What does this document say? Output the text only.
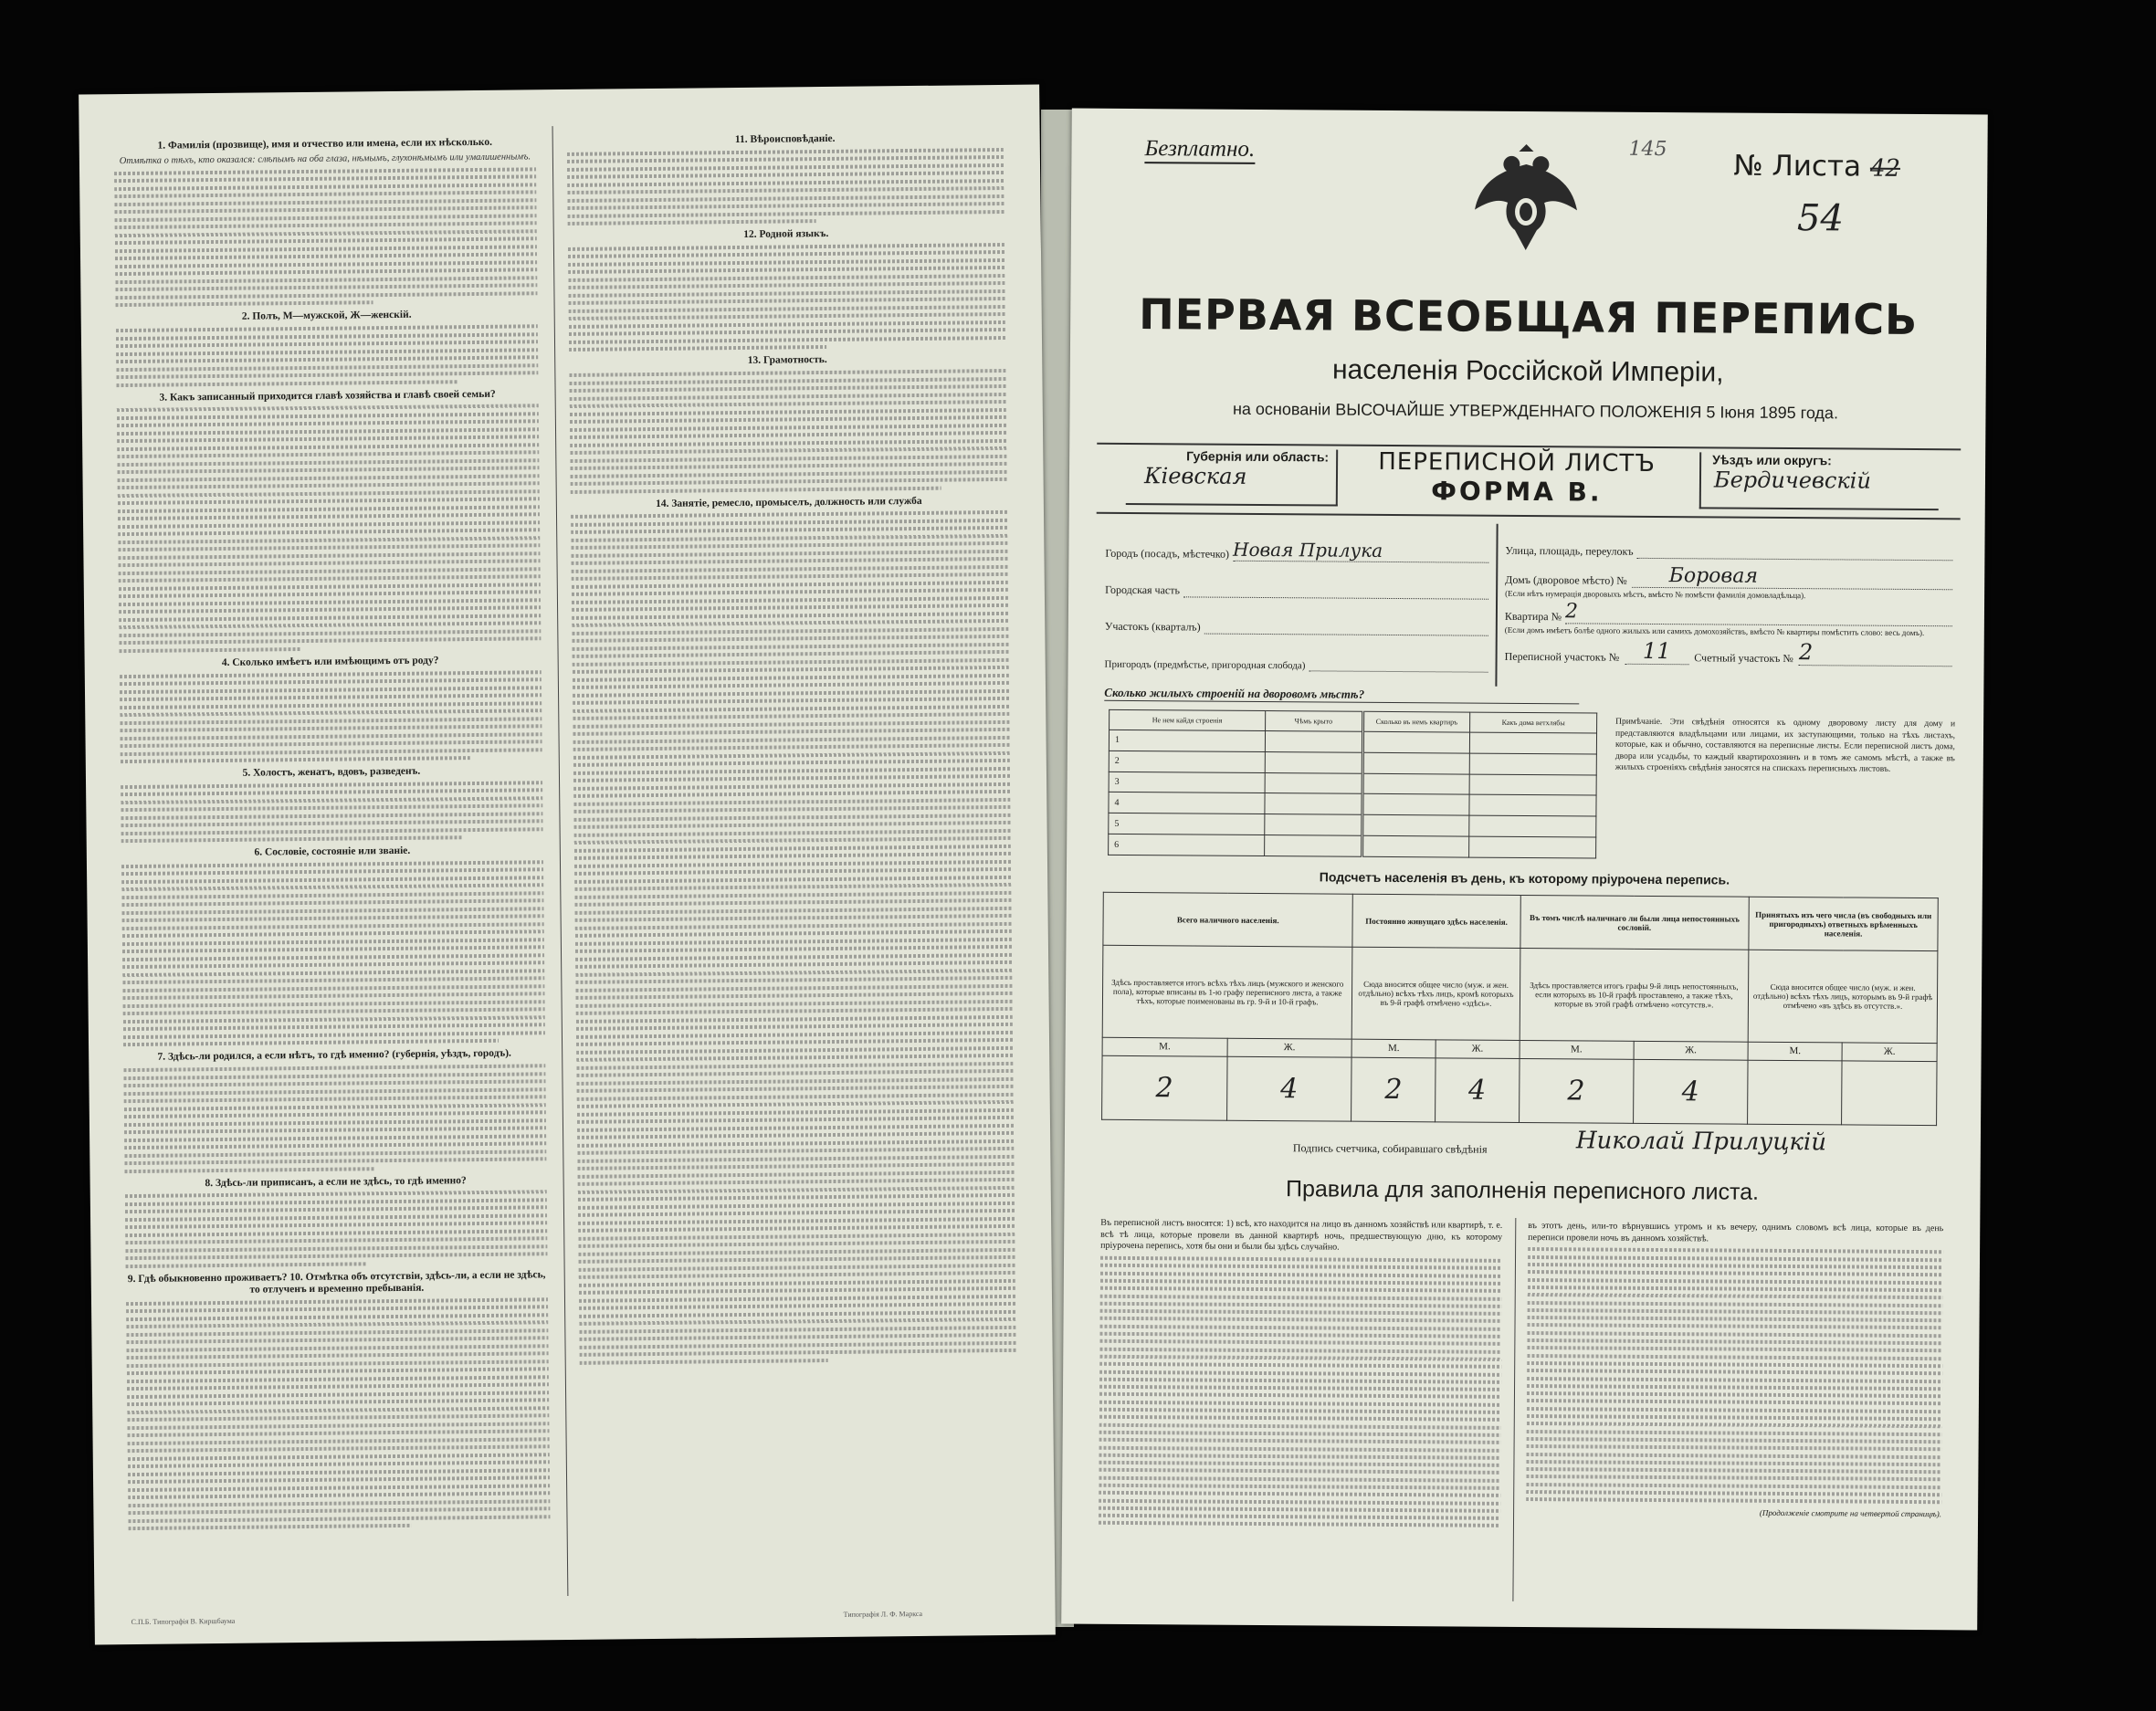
1. Фамилія (прозвище), имя и отчество или имена, если их нѣсколько.
Отмѣтка о тѣхъ, кто оказался: слѣпымъ на оба глаза, нѣмымъ, глухонѣмымъ или умалишеннымъ.
2. Полъ, М—мужской, Ж—женскій.
3. Какъ записанный приходится главѣ хозяйства и главѣ своей семьи?
4. Сколько имѣетъ или имѣющимъ отъ роду?
5. Холостъ, женатъ, вдовъ, разведенъ.
6. Сословіе, состояніе или званіе.
7. Здѣсь-ли родился, а если нѣтъ, то гдѣ именно? (губернія, уѣздъ, городъ).
8. Здѣсь-ли приписанъ, а если не здѣсь, то гдѣ именно?
9. Гдѣ обыкновенно проживаетъ? 10. Отмѣтка объ отсутствіи, здѣсь-ли, а если не здѣсь, то отлученъ и временно пребыванія.
11. Вѣроисповѣданіе.
12. Родной языкъ.
13. Грамотность.
14. Занятіе, ремесло, промыселъ, должность или служба
С.П.Б. Типографія В. Киршбаума
Типографія Л. Ф. Маркса
Безплатно.	145
№ Листа 42
54
ПЕРВАЯ ВСЕОБЩАЯ ПЕРЕПИСЬ
населенія Россійской Имперіи,
на основаніи ВЫСОЧАЙШЕ УТВЕРЖДЕННАГО ПОЛОЖЕНІЯ 5 Іюня 1895 года.
Губернія или область:
Кіевская	ПЕРЕПИСНОЙ ЛИСТЪ
ФОРМА В.
Уѣздъ или округъ:
Бердичевскій
Городъ (посадъ, мѣстечко) Новая Прилука
Городская часть
Участокъ (кварталъ)
Пригородъ (предмѣстье, пригородная слобода)
Улица, площадь, переулокъ
Домъ (дворовое мѣсто) №	Боровая
(Если нѣтъ нумерація дворовыхъ мѣстъ, вмѣсто № помѣсти фамилія домовладѣльца).
Квартира № 2
(Если домъ имѣетъ болѣе одного жилыхъ или самихъ домохозяйствъ, вмѣсто № квартиры помѣстить слово: весь домъ).
Переписной участокъ №	11	Счетный участокъ № 2
Сколько жилыхъ строеній на дворовомъ мѣстѣ?
Не нем кайдя строенія	Чѣмъ крыто	Сколько въ немъ квартиръ	Какъ дома ветхлябы
1			
2			
3			
4			
5			
6			
Примѣчаніе. Эти свѣдѣнія относятся къ одному дворовому листу для дому и представляются владѣльцами или лицами, их заступающими, только на тѣхъ листахъ, которые, как и обычно, составляются на переписные листы. Если переписной листъ дома, двора или усадьбы, то каждый квартирохозяинъ и в томъ же самомъ мѣстѣ, а также въ жилыхъ строеніяхъ свѣдѣнія заносятся на спискахъ переписныхъ листовъ.
Подсчетъ населенія въ день, къ которому пріурочена перепись.
Всего наличного населенія.		Постоянно живущаго здѣсь населенія.		Въ томъ числѣ наличнаго ли были лица непостоянныхъ сословій.		Принятыхъ изъ чего числа (въ свободныхъ или пригородныхъ) ответныхъ врѣменныхъ населенія.	
Здѣсь проставляется итогъ всѣхъ тѣхъ лицъ (мужского и женского пола), которые вписаны въ 1-ю графу переписного листа, а также тѣхъ, которые поименованы въ гр. 9-й и 10-й графъ.		Сюда вносится общее число (муж. и жен. отдѣльно) всѣхъ тѣхъ лицъ, кромѣ которыхъ въ 9-й графѣ отмѣчено «здѣсь».		Здѣсь проставляется итогъ графы 9-й лицъ непостоянныхъ, если которыхъ въ 10-й графѣ проставлено, а также тѣхъ, которые въ этой графѣ отмѣчено «отсутств.».		Сюда вносится общее число (муж. и жен. отдѣльно) всѣхъ тѣхъ лицъ, которымъ въ 9-й графѣ отмѣчено «въ здѣсь въ отсутств.».	
М.	Ж.	М.	Ж.	М.	Ж.	М.	Ж.
2	4	2	4	2	4		
Подпись счетчика, собиравшаго свѣдѣнія	Николай Прилуцкій
Правила для заполненія переписного листа.
Въ переписной листъ вносятся: 1) всѣ, кто находится на лицо въ данномъ хозяйствѣ или квартирѣ, т. е. всѣ тѣ лица, которые провели въ данной квартирѣ ночь, предшествующую дню, къ которому пріурочена перепись, хотя бы они и были бы здѣсь случайно.
въ этотъ день, или-то вѣрнувшись утромъ и къ вечеру, однимъ словомъ всѣ лица, которые въ день переписи провели ночь въ данномъ хозяйствѣ.
(Продолженіе смотрите на четвертой страницѣ).
